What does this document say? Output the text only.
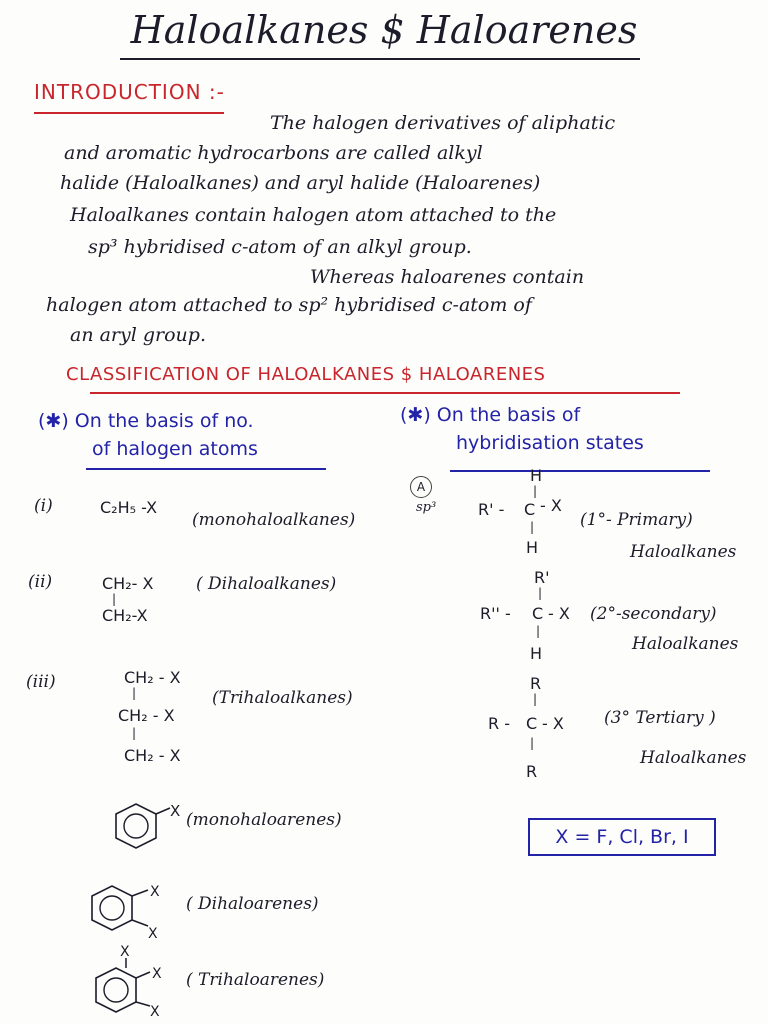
Haloalkanes $ Haloarenes
INTRODUCTION :-
The halogen derivatives of aliphatic
and aromatic hydrocarbons are called alkyl
halide (Haloalkanes) and aryl halide (Haloarenes)
Haloalkanes contain halogen atom attached to the
sp³ hybridised c-atom of an alkyl group.
Whereas haloarenes contain
halogen atom attached to sp² hybridised c-atom of
an aryl group.
CLASSIFICATION OF HALOALKANES $ HALOARENES
(✱) On the basis of no.
of halogen atoms
(✱) On the basis of
hybridisation states
(i)	C₂H₅ -X
(monohaloalkanes)
(ii)	CH₂- X
|
CH₂-X
( Dihaloalkanes)
(iii)	CH₂ - X
|
CH₂ - X
|
CH₂ - X
(Trihaloalkanes)
X (monohaloarenes)
X
X
( Dihaloarenes)
X
X
X
( Trihaloarenes)
A
sp³
H
|
R' - C - X
|
H
(1°- Primary)
Haloalkanes
R'
|
R'' - C - X
|
H
(2°-secondary)
Haloalkanes
R
|
R - C - X
|
R
(3° Tertiary )
Haloalkanes
X = F, Cl, Br, I
